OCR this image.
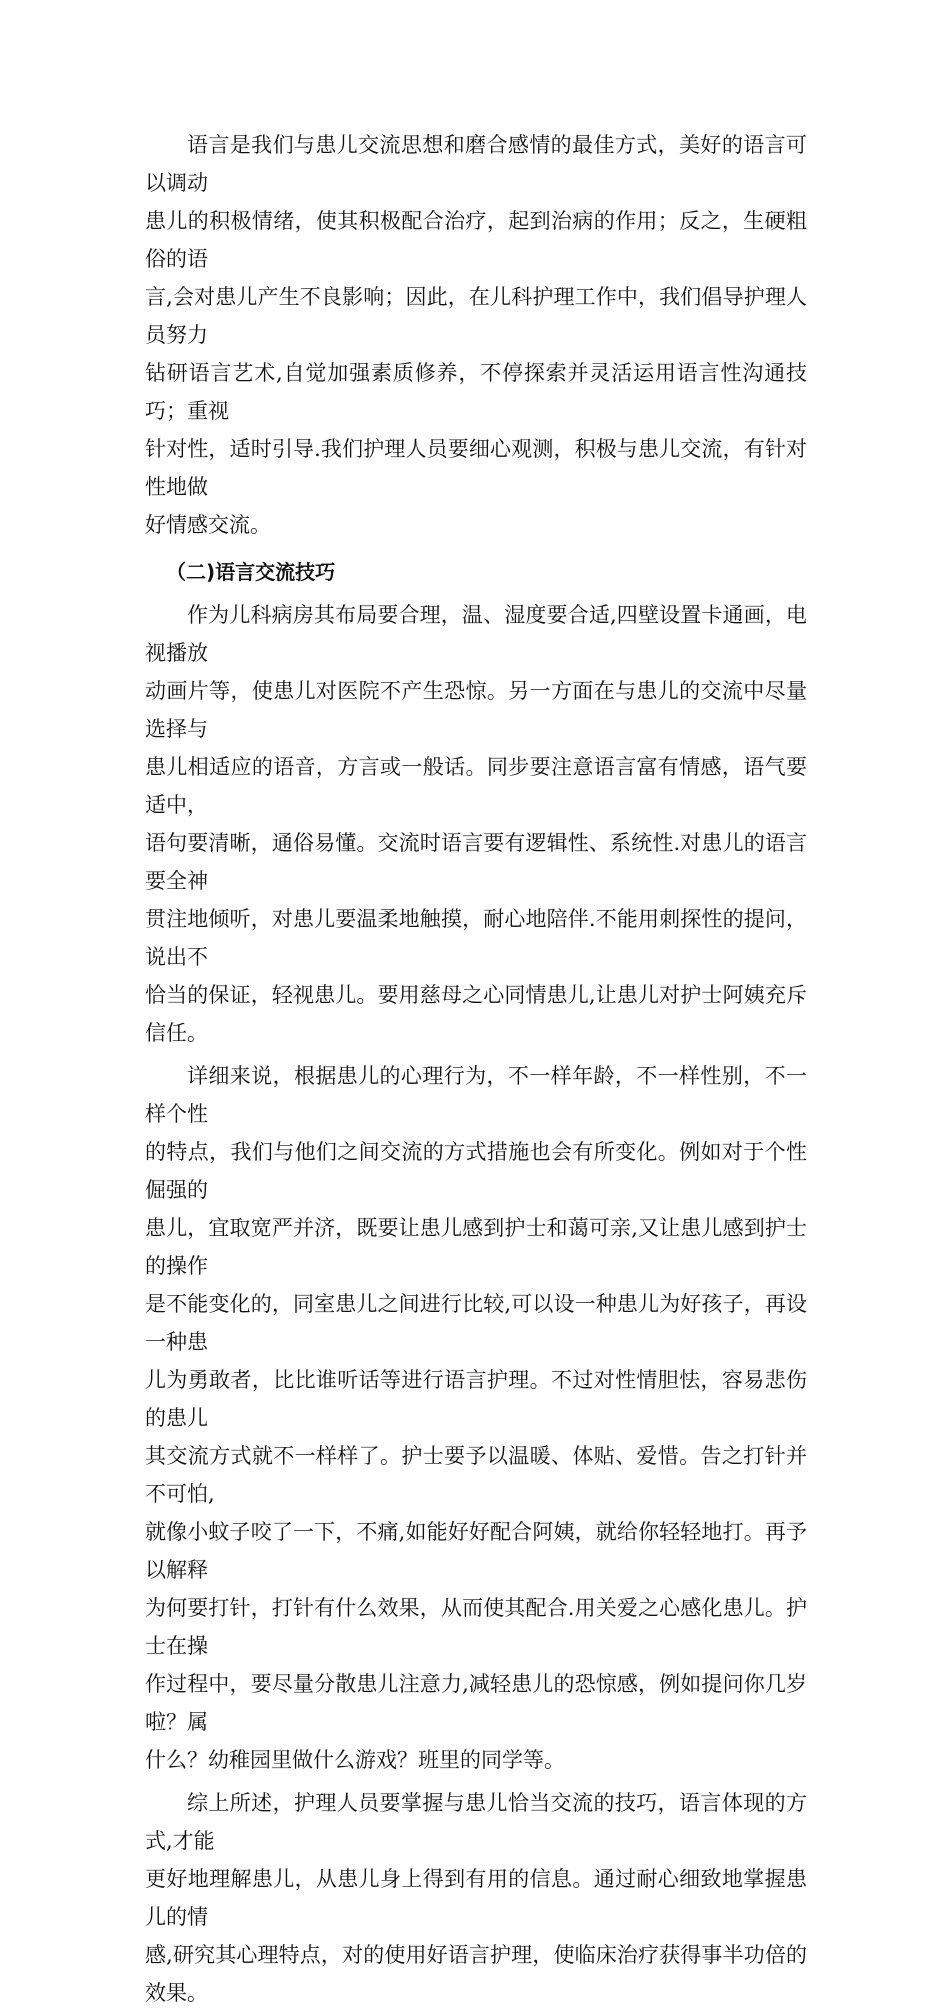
语言是我们与患儿交流思想和磨合感情的最佳方式，美好的语言可以调动
患儿的积极情绪，使其积极配合治疗，起到治病的作用；反之，生硬粗俗的语
言,会对患儿产生不良影响；因此，在儿科护理工作中，我们倡导护理人员努力
钻研语言艺术,自觉加强素质修养，不停探索并灵活运用语言性沟通技巧；重视
针对性，适时引导.我们护理人员要细心观测，积极与患儿交流，有针对性地做
好情感交流。

（二)语言交流技巧

作为儿科病房其布局要合理，温、湿度要合适,四壁设置卡通画，电视播放
动画片等，使患儿对医院不产生恐惊。另一方面在与患儿的交流中尽量选择与
患儿相适应的语音，方言或一般话。同步要注意语言富有情感，语气要适中，
语句要清晰，通俗易懂。交流时语言要有逻辑性、系统性.对患儿的语言要全神
贯注地倾听，对患儿要温柔地触摸，耐心地陪伴.不能用刺探性的提问，说出不
恰当的保证，轻视患儿。要用慈母之心同情患儿,让患儿对护士阿姨充斥信任。

详细来说，根据患儿的心理行为，不一样年龄，不一样性别，不一样个性
的特点，我们与他们之间交流的方式措施也会有所变化。例如对于个性倔强的
患儿，宜取宽严并济，既要让患儿感到护士和蔼可亲,又让患儿感到护士的操作
是不能变化的，同室患儿之间进行比较,可以设一种患儿为好孩子，再设一种患
儿为勇敢者，比比谁听话等进行语言护理。不过对性情胆怯，容易悲伤的患儿
其交流方式就不一样样了。护士要予以温暖、体贴、爱惜。告之打针并不可怕,
就像小蚊子咬了一下，不痛,如能好好配合阿姨，就给你轻轻地打。再予以解释
为何要打针，打针有什么效果，从而使其配合.用关爱之心感化患儿。护士在操
作过程中，要尽量分散患儿注意力,减轻患儿的恐惊感，例如提问你几岁啦？属
什么？幼稚园里做什么游戏？班里的同学等。

综上所述，护理人员要掌握与患儿恰当交流的技巧，语言体现的方式,才能
更好地理解患儿，从患儿身上得到有用的信息。通过耐心细致地掌握患儿的情
感,研究其心理特点，对的使用好语言护理，使临床治疗获得事半功倍的效果。
